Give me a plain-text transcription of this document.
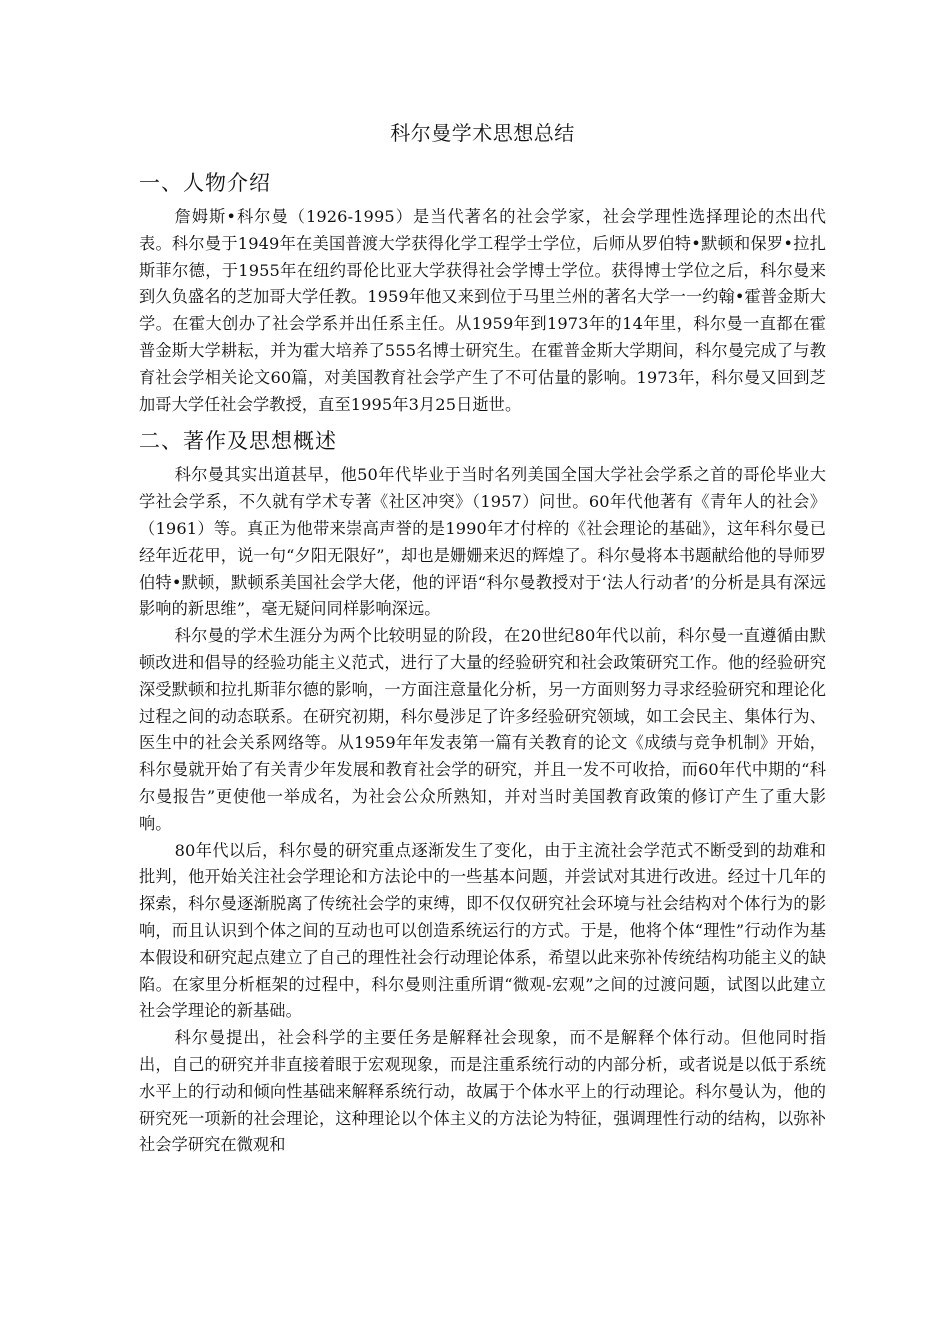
科尔曼学术思想总结
一、人物介绍

詹姆斯•科尔曼（1926-1995）是当代著名的社会学家，社会学理性选择理论的杰出代表。科尔曼于1949年在美国普渡大学获得化学工程学士学位，后师从罗伯特•默顿和保罗•拉扎斯菲尔德，于1955年在纽约哥伦比亚大学获得社会学博士学位。获得博士学位之后，科尔曼来到久负盛名的芝加哥大学任教。1959年他又来到位于马里兰州的著名大学一一约翰•霍普金斯大学。在霍大创办了社会学系并出任系主任。从1959年到1973年的14年里，科尔曼一直都在霍普金斯大学耕耘，并为霍大培养了555名博士研究生。在霍普金斯大学期间，科尔曼完成了与教育社会学相关论文60篇，对美国教育社会学产生了不可估量的影响。1973年，科尔曼又回到芝加哥大学任社会学教授，直至1995年3月25日逝世。

二、著作及思想概述

科尔曼其实出道甚早，他50年代毕业于当时名列美国全国大学社会学系之首的哥伦毕业大学社会学系，不久就有学术专著《社区冲突》（1957）问世。60年代他著有《青年人的社会》（1961）等。真正为他带来崇高声誉的是1990年才付梓的《社会理论的基础》，这年科尔曼已经年近花甲，说一句“夕阳无限好”，却也是姗姗来迟的辉煌了。科尔曼将本书题献给他的导师罗伯特•默顿，默顿系美国社会学大佬，他的评语“科尔曼教授对于‘法人行动者’的分析是具有深远影响的新思维”，毫无疑问同样影响深远。

科尔曼的学术生涯分为两个比较明显的阶段，在20世纪80年代以前，科尔曼一直遵循由默顿改进和倡导的经验功能主义范式，进行了大量的经验研究和社会政策研究工作。他的经验研究深受默顿和拉扎斯菲尔德的影响，一方面注意量化分析，另一方面则努力寻求经验研究和理论化过程之间的动态联系。在研究初期，科尔曼涉足了许多经验研究领域，如工会民主、集体行为、医生中的社会关系网络等。从1959年年发表第一篇有关教育的论文《成绩与竞争机制》开始，科尔曼就开始了有关青少年发展和教育社会学的研究，并且一发不可收拾，而60年代中期的“科尔曼报告”更使他一举成名，为社会公众所熟知，并对当时美国教育政策的修订产生了重大影响。

80年代以后，科尔曼的研究重点逐渐发生了变化，由于主流社会学范式不断受到的劫难和批判，他开始关注社会学理论和方法论中的一些基本问题，并尝试对其进行改进。经过十几年的探索，科尔曼逐渐脱离了传统社会学的束缚，即不仅仅研究社会环境与社会结构对个体行为的影响，而且认识到个体之间的互动也可以创造系统运行的方式。于是，他将个体“理性”行动作为基本假设和研究起点建立了自己的理性社会行动理论体系，希望以此来弥补传统结构功能主义的缺陷。在家里分析框架的过程中，科尔曼则注重所谓“微观-宏观”之间的过渡问题，试图以此建立社会学理论的新基础。

科尔曼提出，社会科学的主要任务是解释社会现象，而不是解释个体行动。但他同时指出，自己的研究并非直接着眼于宏观现象，而是注重系统行动的内部分析，或者说是以低于系统水平上的行动和倾向性基础来解释系统行动，故属于个体水平上的行动理论。科尔曼认为，他的研究死一项新的社会理论，这种理论以个体主义的方法论为特征，强调理性行动的结构，以弥补社会学研究在微观和
